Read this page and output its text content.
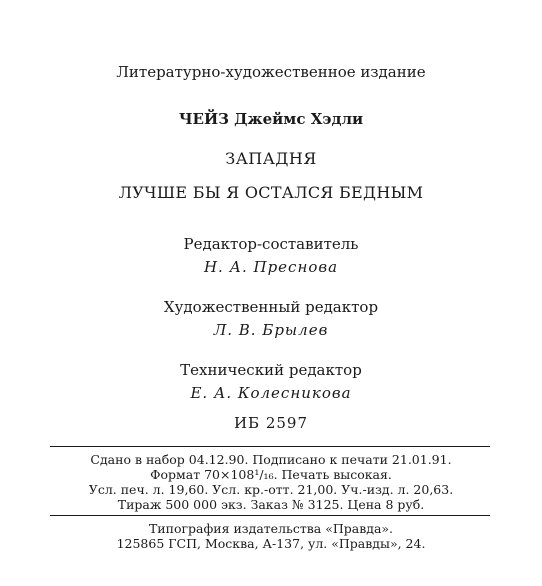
Литературно-художественное издание
ЧЕЙЗ Джеймс Хэдли
ЗАПАДНЯ
ЛУЧШЕ БЫ Я ОСТАЛСЯ БЕДНЫМ
Редактор-составитель
Н. А. Преснова
Художественный редактор
Л. В. Брылев
Технический редактор
Е. А. Колесникова
ИБ 2597
Сдано в набор 04.12.90. Подписано к печати 21.01.91.
Формат 70×108¹/₁₆. Печать высокая.
Усл. печ. л. 19,60. Усл. кр.-отт. 21,00. Уч.-изд. л. 20,63.
Тираж 500 000 экз. Заказ № 3125. Цена 8 руб.
Типография издательства «Правда».
125865 ГСП, Москва, А-137, ул. «Правды», 24.
